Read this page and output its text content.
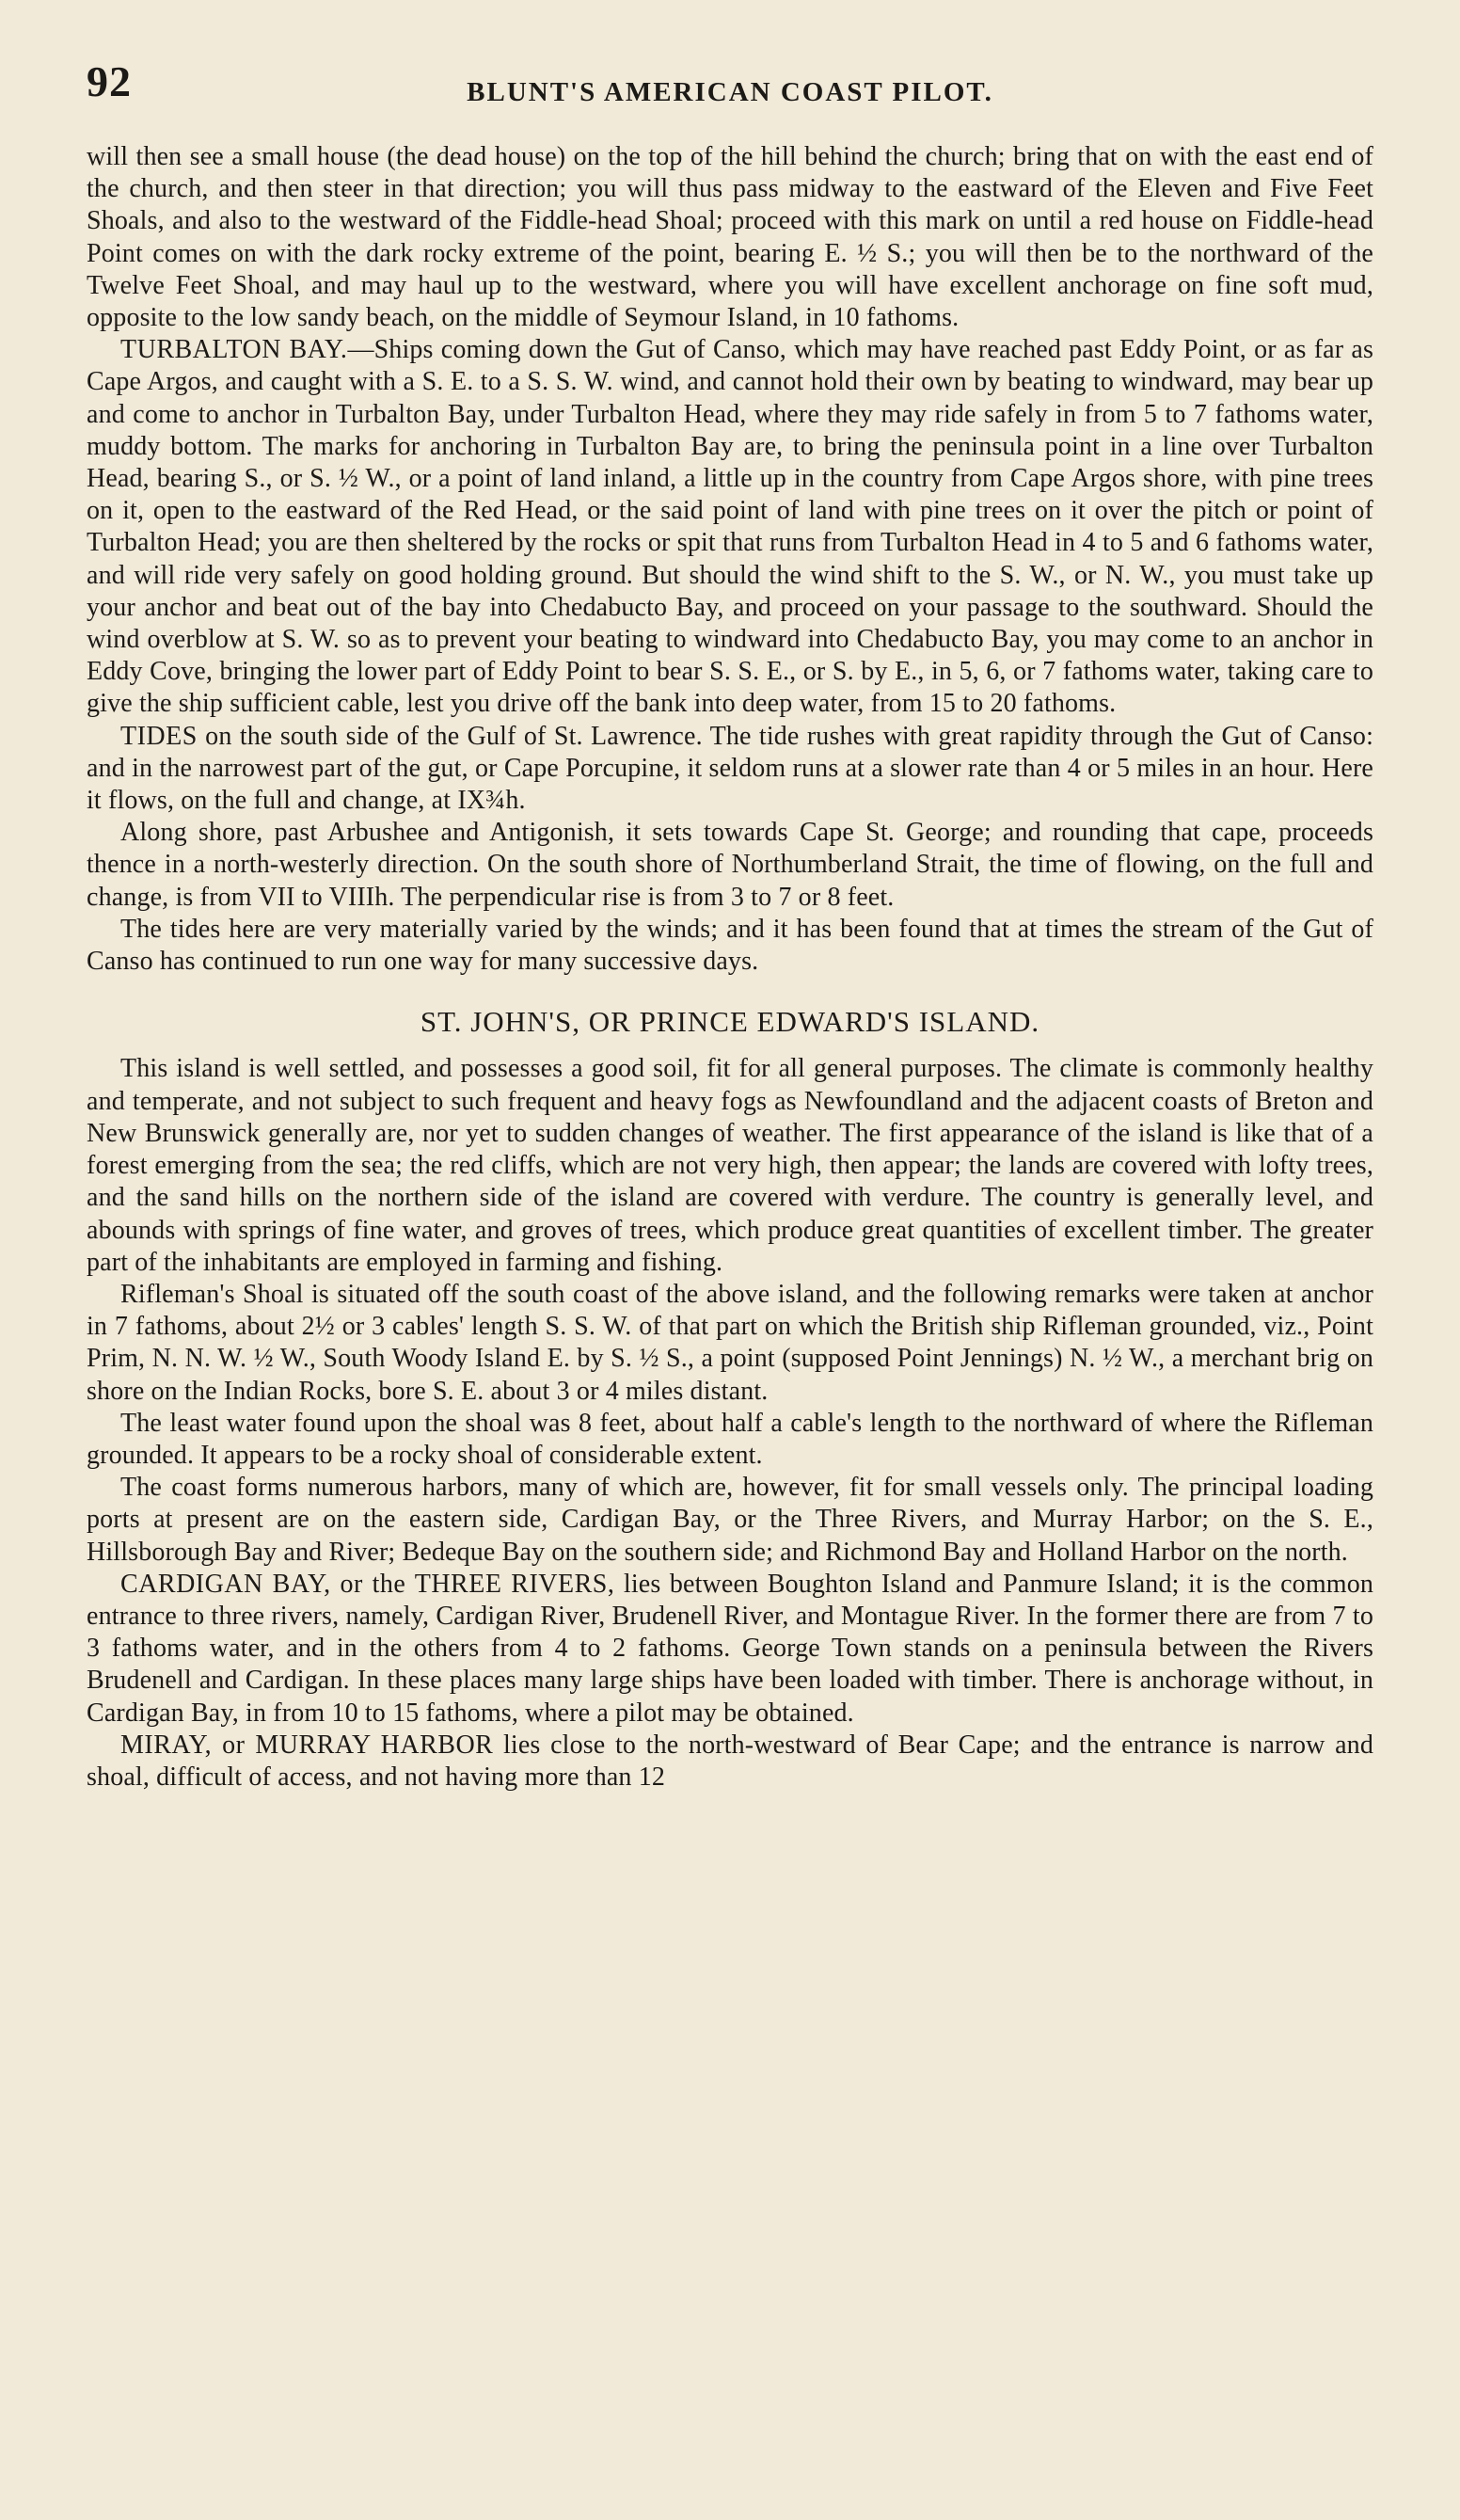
92	BLUNT'S AMERICAN COAST PILOT.

will then see a small house (the dead house) on the top of the hill behind the church; bring that on with the east end of the church, and then steer in that direction; you will thus pass midway to the eastward of the Eleven and Five Feet Shoals, and also to the westward of the Fiddle-head Shoal; proceed with this mark on until a red house on Fiddle-head Point comes on with the dark rocky extreme of the point, bearing E. ½ S.; you will then be to the northward of the Twelve Feet Shoal, and may haul up to the westward, where you will have excellent anchorage on fine soft mud, opposite to the low sandy beach, on the middle of Seymour Island, in 10 fathoms.

TURBALTON BAY.—Ships coming down the Gut of Canso, which may have reached past Eddy Point, or as far as Cape Argos, and caught with a S. E. to a S. S. W. wind, and cannot hold their own by beating to windward, may bear up and come to anchor in Turbalton Bay, under Turbalton Head, where they may ride safely in from 5 to 7 fathoms water, muddy bottom. The marks for anchoring in Turbalton Bay are, to bring the peninsula point in a line over Turbalton Head, bearing S., or S. ½ W., or a point of land inland, a little up in the country from Cape Argos shore, with pine trees on it, open to the eastward of the Red Head, or the said point of land with pine trees on it over the pitch or point of Turbalton Head; you are then sheltered by the rocks or spit that runs from Turbalton Head in 4 to 5 and 6 fathoms water, and will ride very safely on good holding ground. But should the wind shift to the S. W., or N. W., you must take up your anchor and beat out of the bay into Chedabucto Bay, and proceed on your passage to the southward. Should the wind overblow at S. W. so as to prevent your beating to windward into Chedabucto Bay, you may come to an anchor in Eddy Cove, bringing the lower part of Eddy Point to bear S. S. E., or S. by E., in 5, 6, or 7 fathoms water, taking care to give the ship sufficient cable, lest you drive off the bank into deep water, from 15 to 20 fathoms.

TIDES on the south side of the Gulf of St. Lawrence. The tide rushes with great rapidity through the Gut of Canso: and in the narrowest part of the gut, or Cape Porcupine, it seldom runs at a slower rate than 4 or 5 miles in an hour. Here it flows, on the full and change, at IX¾h.

Along shore, past Arbushee and Antigonish, it sets towards Cape St. George; and rounding that cape, proceeds thence in a north-westerly direction. On the south shore of Northumberland Strait, the time of flowing, on the full and change, is from VII to VIIIh. The perpendicular rise is from 3 to 7 or 8 feet.

The tides here are very materially varied by the winds; and it has been found that at times the stream of the Gut of Canso has continued to run one way for many successive days.

ST. JOHN'S, OR PRINCE EDWARD'S ISLAND.

This island is well settled, and possesses a good soil, fit for all general purposes. The climate is commonly healthy and temperate, and not subject to such frequent and heavy fogs as Newfoundland and the adjacent coasts of Breton and New Brunswick generally are, nor yet to sudden changes of weather. The first appearance of the island is like that of a forest emerging from the sea; the red cliffs, which are not very high, then appear; the lands are covered with lofty trees, and the sand hills on the northern side of the island are covered with verdure. The country is generally level, and abounds with springs of fine water, and groves of trees, which produce great quantities of excellent timber. The greater part of the inhabitants are employed in farming and fishing.

Rifleman's Shoal is situated off the south coast of the above island, and the following remarks were taken at anchor in 7 fathoms, about 2½ or 3 cables' length S. S. W. of that part on which the British ship Rifleman grounded, viz., Point Prim, N. N. W. ½ W., South Woody Island E. by S. ½ S., a point (supposed Point Jennings) N. ½ W., a merchant brig on shore on the Indian Rocks, bore S. E. about 3 or 4 miles distant.

The least water found upon the shoal was 8 feet, about half a cable's length to the northward of where the Rifleman grounded. It appears to be a rocky shoal of considerable extent.

The coast forms numerous harbors, many of which are, however, fit for small vessels only. The principal loading ports at present are on the eastern side, Cardigan Bay, or the Three Rivers, and Murray Harbor; on the S. E., Hillsborough Bay and River; Bedeque Bay on the southern side; and Richmond Bay and Holland Harbor on the north.

CARDIGAN BAY, or the THREE RIVERS, lies between Boughton Island and Panmure Island; it is the common entrance to three rivers, namely, Cardigan River, Brudenell River, and Montague River. In the former there are from 7 to 3 fathoms water, and in the others from 4 to 2 fathoms. George Town stands on a peninsula between the Rivers Brudenell and Cardigan. In these places many large ships have been loaded with timber. There is anchorage without, in Cardigan Bay, in from 10 to 15 fathoms, where a pilot may be obtained.

MIRAY, or MURRAY HARBOR lies close to the north-westward of Bear Cape; and the entrance is narrow and shoal, difficult of access, and not having more than 12
